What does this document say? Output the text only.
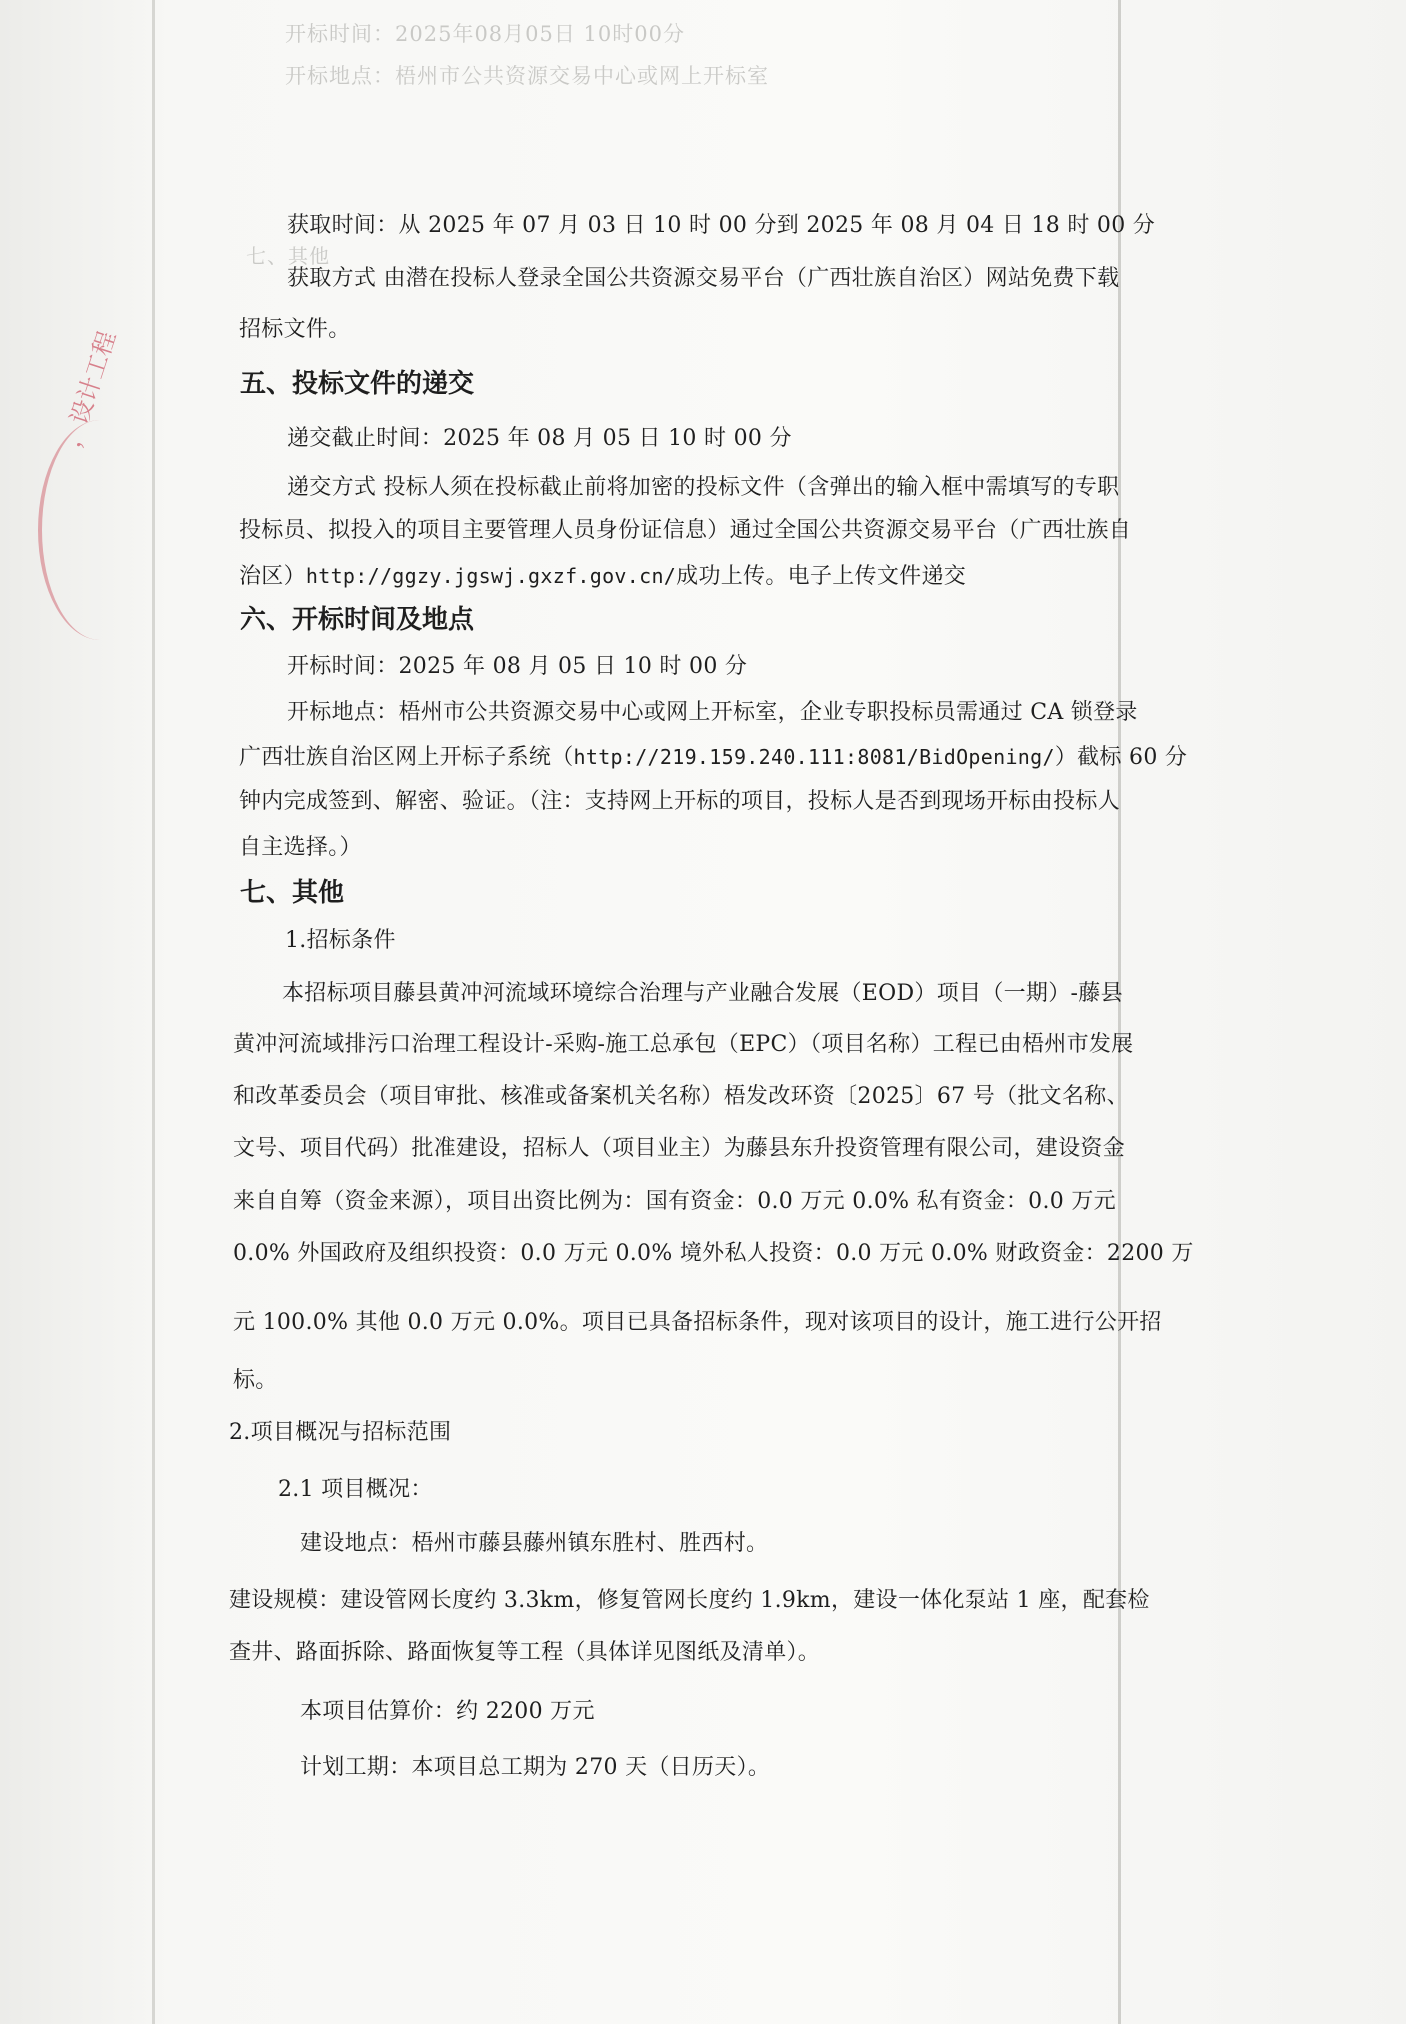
开标时间：2025年08月05日 10时00分
开标地点：梧州市公共资源交易中心或网上开标室
七、其他
，设计工程
获取时间：从 2025 年 07 月 03 日 10 时 00 分到 2025 年 08 月 04 日 18 时 00 分
获取方式 由潜在投标人登录全国公共资源交易平台（广西壮族自治区）网站免费下载
招标文件。
五、投标文件的递交
递交截止时间：2025 年 08 月 05 日 10 时 00 分
递交方式 投标人须在投标截止前将加密的投标文件（含弹出的输入框中需填写的专职
投标员、拟投入的项目主要管理人员身份证信息）通过全国公共资源交易平台（广西壮族自
治区）http://ggzy.jgswj.gxzf.gov.cn/成功上传。电子上传文件递交
六、开标时间及地点
开标时间：2025 年 08 月 05 日 10 时 00 分
开标地点：梧州市公共资源交易中心或网上开标室，企业专职投标员需通过 CA 锁登录
广西壮族自治区网上开标子系统（http://219.159.240.111:8081/BidOpening/）截标 60 分
钟内完成签到、解密、验证。（注：支持网上开标的项目，投标人是否到现场开标由投标人
自主选择。）
七、其他
1.招标条件
本招标项目藤县黄冲河流域环境综合治理与产业融合发展（EOD）项目（一期）-藤县
黄冲河流域排污口治理工程设计-采购-施工总承包（EPC）（项目名称）工程已由梧州市发展
和改革委员会（项目审批、核准或备案机关名称）梧发改环资〔2025〕67 号（批文名称、
文号、项目代码）批准建设，招标人（项目业主）为藤县东升投资管理有限公司，建设资金
来自自筹（资金来源），项目出资比例为：国有资金：0.0 万元 0.0% 私有资金：0.0 万元
0.0% 外国政府及组织投资：0.0 万元 0.0% 境外私人投资：0.0 万元 0.0% 财政资金：2200 万
元 100.0% 其他 0.0 万元 0.0%。项目已具备招标条件，现对该项目的设计，施工进行公开招
标。
2.项目概况与招标范围
2.1 项目概况：
建设地点：梧州市藤县藤州镇东胜村、胜西村。
建设规模：建设管网长度约 3.3km，修复管网长度约 1.9km，建设一体化泵站 1 座，配套检
查井、路面拆除、路面恢复等工程（具体详见图纸及清单）。
本项目估算价：约 2200 万元
计划工期：本项目总工期为 270 天（日历天）。
